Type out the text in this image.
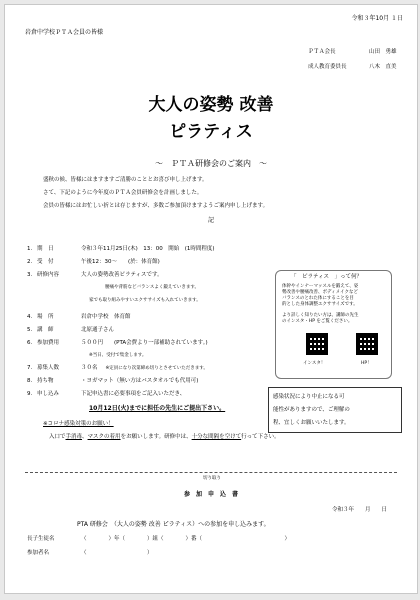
令和３年10月 １日
岩倉中学校ＰＴＡ会員の皆様
ＰＴＡ会長	山田　勇雄
成人教育委員長	八木　直美
大人の姿勢 改善
ピラティス
～　ＰＴＡ研修会のご案内　～
盛秋の候、皆様にはますますご清勝のこととお喜び申し上げます。
さて、下記のように今年度のＰＴＡ会員研修会を計画しました。
会員の皆様にはお忙しい折とは存じますが、多数ご参加頂けますようご案内申し上げます。
記
1. 期　日	令和３年11月25日(木)　13：00　開始　(1時間程度)
2. 受　付	午後12：30～　　(於：体育館)
3. 研修内容	大人の姿勢改善ピラティスです。
腰痛や背筋などバランスよく鍛えていきます。
家でも取り組みやすいエクササイズも入れていきます。
4. 場　所	岩倉中学校　体育館
5. 講　師	北原通子さん
6. 参加費用	５００円　　(PTA会費より一部補助されています。)
※当日、受付で集金します。
7. 募集人数	３０名 ※定員になり次第締め切りとさせていただきます。
8. 持ち物	・ヨガマット（無い方はバスタオルでも代用可)
9. 申し込み	下記申込書に必要事項をご記入いただき、
10月12日(火)までに担任の先生にご提出下さい。
「　ピラティス　」って何？
体幹やインナーマッスルを鍛えて、姿
勢改善や腰痛改善、ボディメイクなど
バランスのとれた体にすることを目
的とした身体調整エクササイズです。
より詳しく知りたい方は、講師の先生
のインスタ・HP をご覧ください。
インスタ！	HP！
感染状況により中止になる可
能性がありますので、ご理解の
程、宜しくお願いいたします。
※コロナ感染対策のお願い！
入口で手消毒、マスクの着用をお願いします。研修中は、十分な間隔を空けて行って下さい。
切り取り
参　加　申　込　書
令和３年　　月　　日
PTA 研修会　（大人の姿勢 改善 ピラティス）への参加を申し込みます。
長子生徒名	（　　　　）年（　　　　）組（　　　　）番（　　　　　　　　　　　　　　　）
参加者名	（　　　　　　　　　　　）
